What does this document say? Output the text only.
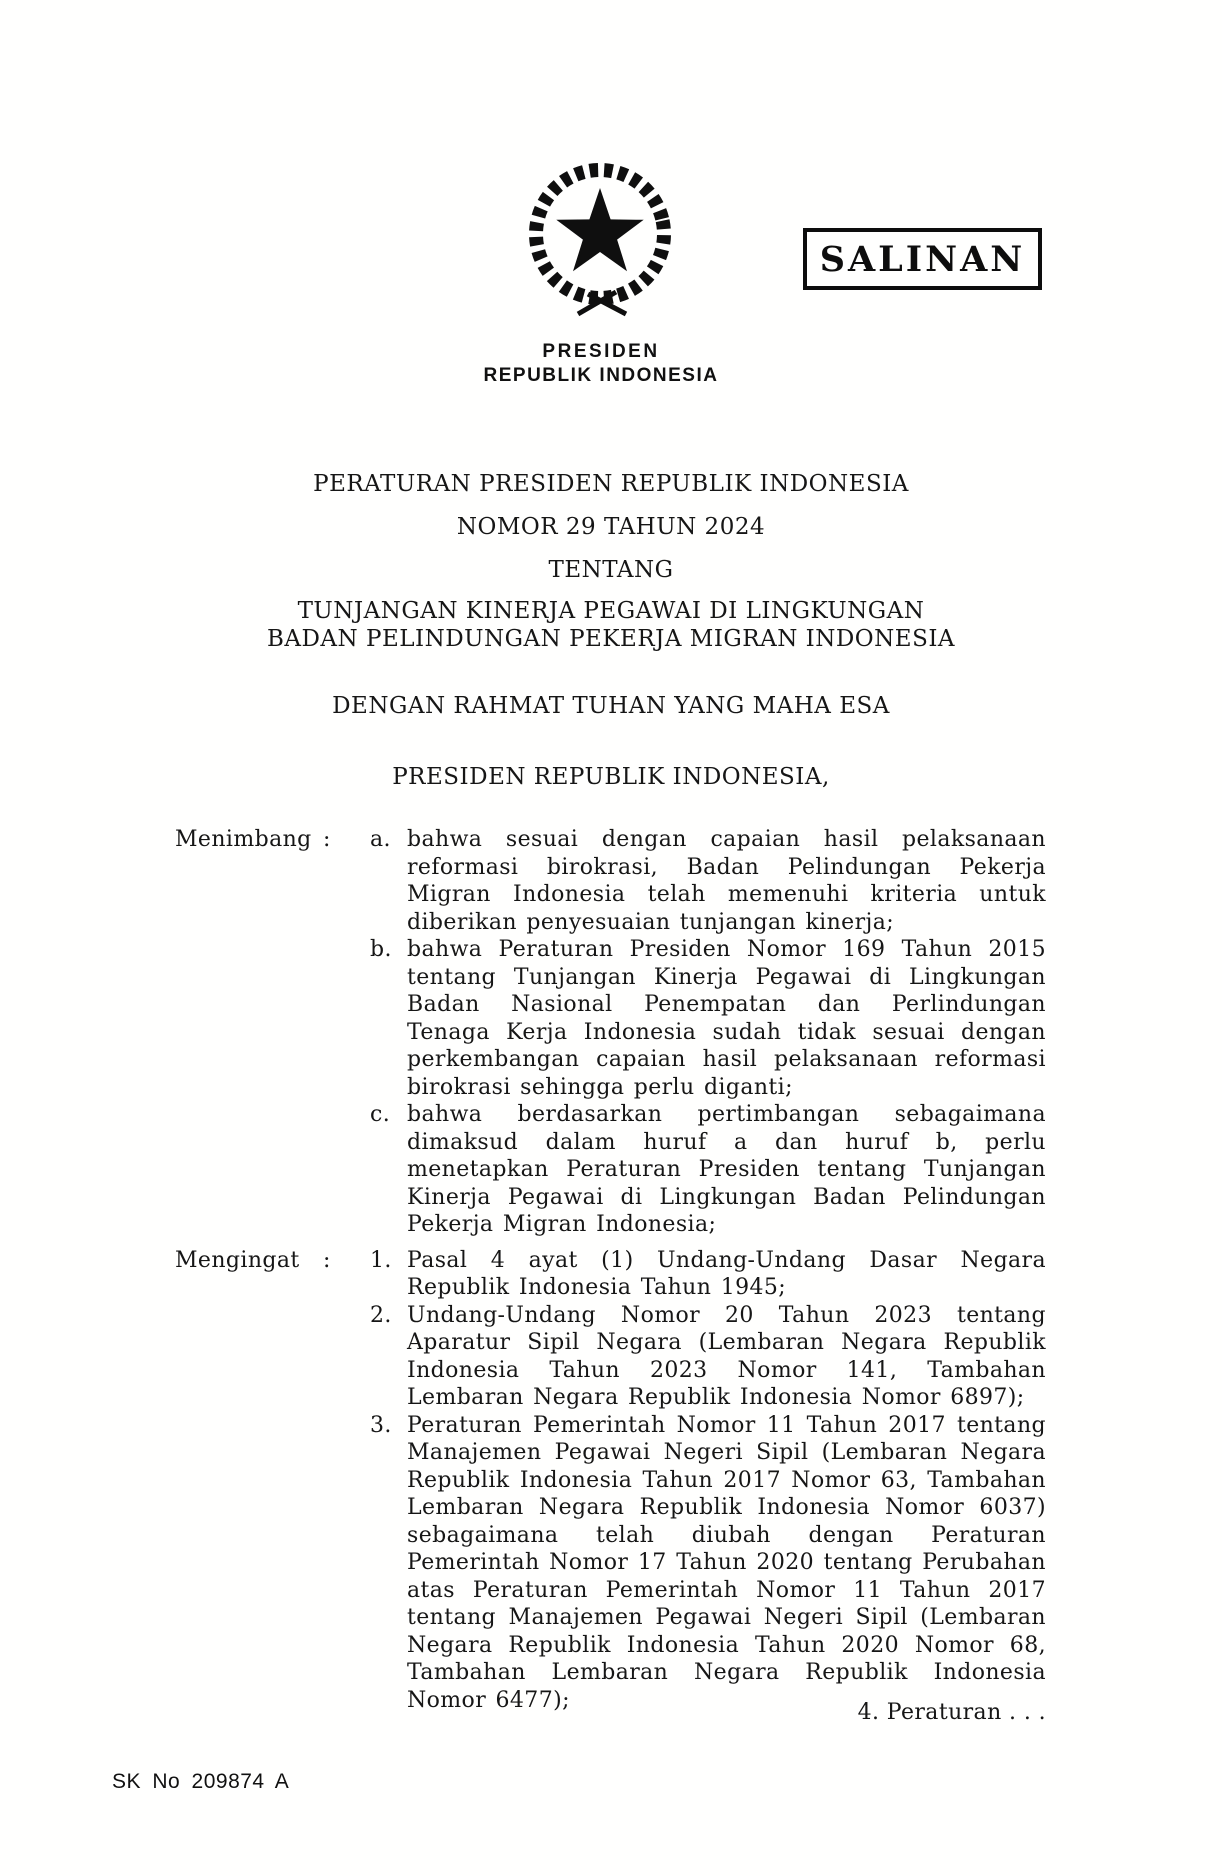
PRESIDEN
REPUBLIK INDONESIA
SALINAN
PERATURAN PRESIDEN REPUBLIK INDONESIA
NOMOR 29 TAHUN 2024
TENTANG
TUNJANGAN KINERJA PEGAWAI DI LINGKUNGAN
BADAN PELINDUNGAN PEKERJA MIGRAN INDONESIA
DENGAN RAHMAT TUHAN YANG MAHA ESA
PRESIDEN REPUBLIK INDONESIA,
Menimbang :	a. bahwa sesuai dengan capaian hasil pelaksanaan reformasi birokrasi, Badan Pelindungan Pekerja Migran Indonesia telah memenuhi kriteria untuk diberikan penyesuaian tunjangan kinerja;
b. bahwa Peraturan Presiden Nomor 169 Tahun 2015 tentang Tunjangan Kinerja Pegawai di Lingkungan Badan Nasional Penempatan dan Perlindungan Tenaga Kerja Indonesia sudah tidak sesuai dengan perkembangan capaian hasil pelaksanaan reformasi birokrasi sehingga perlu diganti;
c. bahwa berdasarkan pertimbangan sebagaimana dimaksud dalam huruf a dan huruf b, perlu menetapkan Peraturan Presiden tentang Tunjangan Kinerja Pegawai di Lingkungan Badan Pelindungan Pekerja Migran Indonesia;
Mengingat	:	1. Pasal 4 ayat (1) Undang-Undang Dasar Negara Republik Indonesia Tahun 1945;
2. Undang-Undang Nomor 20 Tahun 2023 tentang Aparatur Sipil Negara (Lembaran Negara Republik Indonesia Tahun 2023 Nomor 141, Tambahan Lembaran Negara Republik Indonesia Nomor 6897);
3. Peraturan Pemerintah Nomor 11 Tahun 2017 tentang Manajemen Pegawai Negeri Sipil (Lembaran Negara Republik Indonesia Tahun 2017 Nomor 63, Tambahan Lembaran Negara Republik Indonesia Nomor 6037) sebagaimana telah diubah dengan Peraturan Pemerintah Nomor 17 Tahun 2020 tentang Perubahan atas Peraturan Pemerintah Nomor 11 Tahun 2017 tentang Manajemen Pegawai Negeri Sipil (Lembaran Negara Republik Indonesia Tahun 2020 Nomor 68, Tambahan Lembaran Negara Republik Indonesia Nomor 6477);	4. Peraturan . . .
SK No 209874 A
